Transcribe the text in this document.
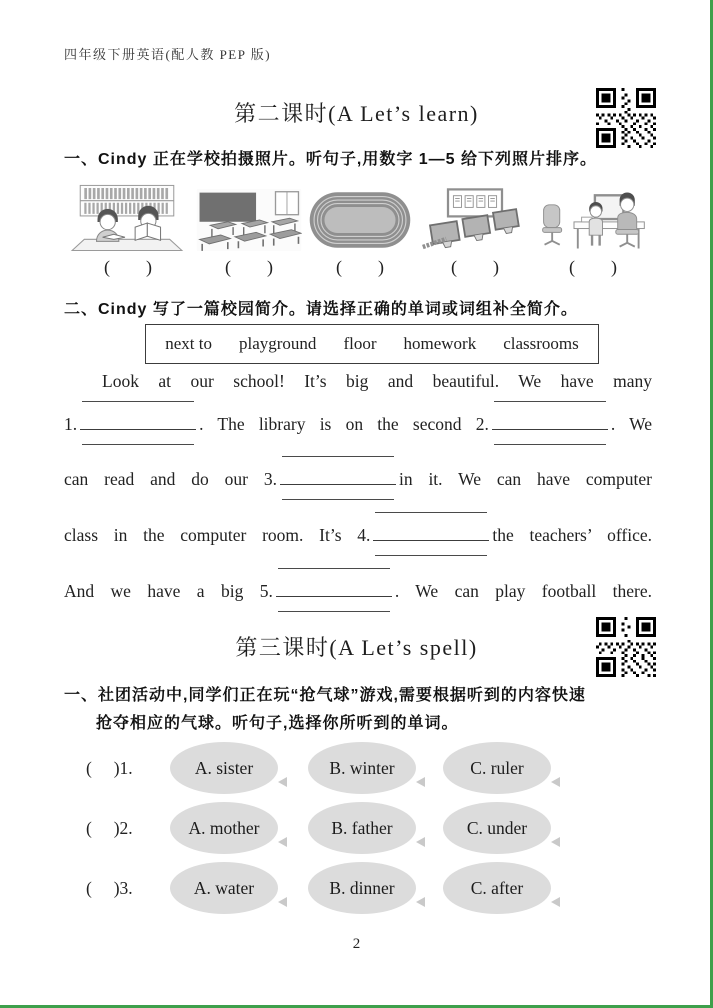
四年级下册英语(配人教 PEP 版)
第二课时(A Let’s learn)
一、Cindy 正在学校拍摄照片。听句子,用数字 1—5 给下列照片排序。
(        )	(        )	(        )	(        )	(        )
二、Cindy 写了一篇校园简介。请选择正确的单词或词组补全简介。
next to playground floor homework classrooms
Look at our school! It’s big and beautiful. We have many
1.	. The library is on the second 2.	. We
can read and do our 3.	in it. We can have computer
class in the computer room. It’s 4.	the teachers’ office.
And we have a big 5.	. We can play football there.
第三课时(A Let’s spell)
一、社团活动中,同学们正在玩“抢气球”游戏,需要根据听到的内容快速
抢夺相应的气球。听句子,选择你所听到的单词。
(     )1.	A. sister	B. winter	C. ruler
(     )2.	A. mother	B. father	C. under
(     )3.	A. water	B. dinner	C. after
2
